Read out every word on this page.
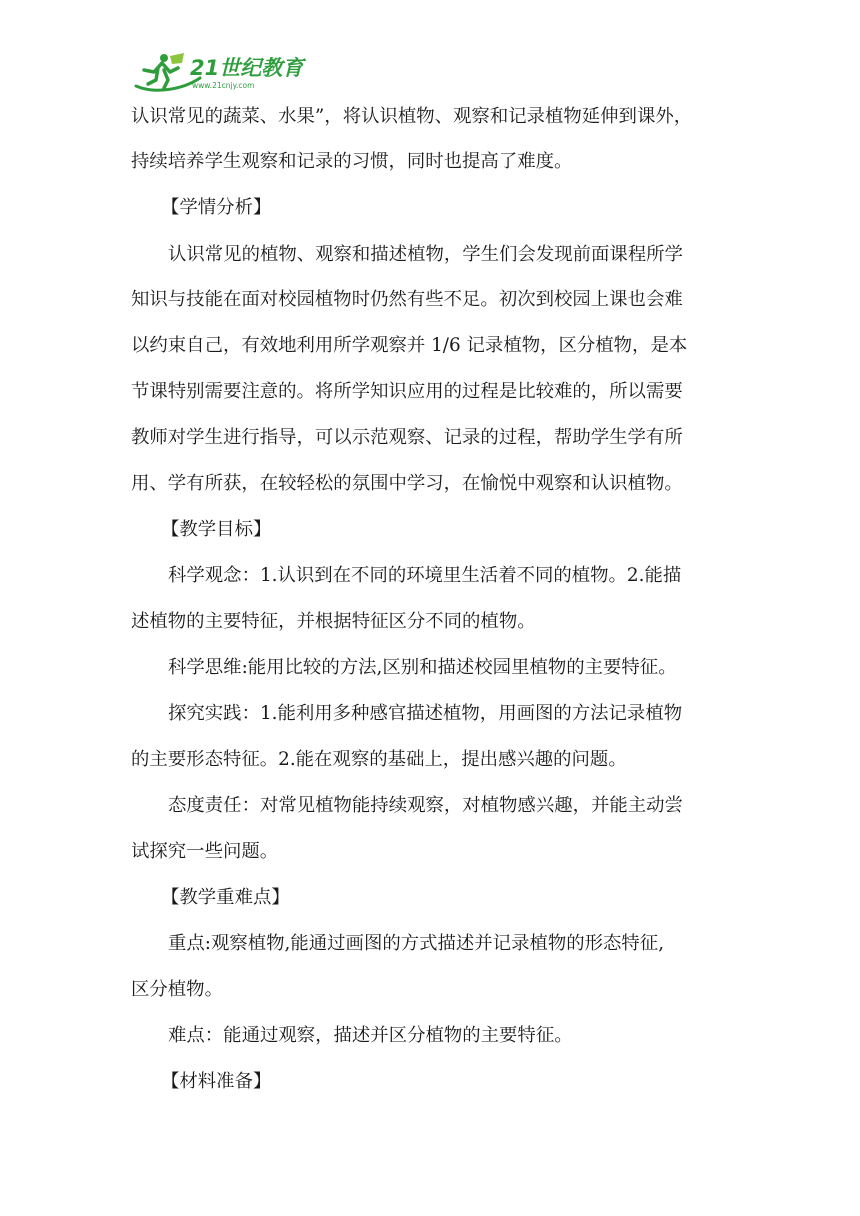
21世纪教育
www.21cnjy.com

认识常见的蔬菜、水果”，将认识植物、观察和记录植物延伸到课外，

持续培养学生观察和记录的习惯，同时也提高了难度。

【学情分析】

认识常见的植物、观察和描述植物，学生们会发现前面课程所学

知识与技能在面对校园植物时仍然有些不足。初次到校园上课也会难

以约束自己，有效地利用所学观察并 1/6 记录植物，区分植物，是本

节课特别需要注意的。将所学知识应用的过程是比较难的，所以需要

教师对学生进行指导，可以示范观察、记录的过程，帮助学生学有所

用、学有所获，在较轻松的氛围中学习，在愉悦中观察和认识植物。

【教学目标】

科学观念：1.认识到在不同的环境里生活着不同的植物。2.能描

述植物的主要特征，并根据特征区分不同的植物。

科学思维:能用比较的方法,区别和描述校园里植物的主要特征。

探究实践：1.能利用多种感官描述植物，用画图的方法记录植物

的主要形态特征。2.能在观察的基础上，提出感兴趣的问题。

态度责任：对常见植物能持续观察，对植物感兴趣，并能主动尝

试探究一些问题。

【教学重难点】

重点:观察植物,能通过画图的方式描述并记录植物的形态特征,

区分植物。

难点：能通过观察，描述并区分植物的主要特征。

【材料准备】
